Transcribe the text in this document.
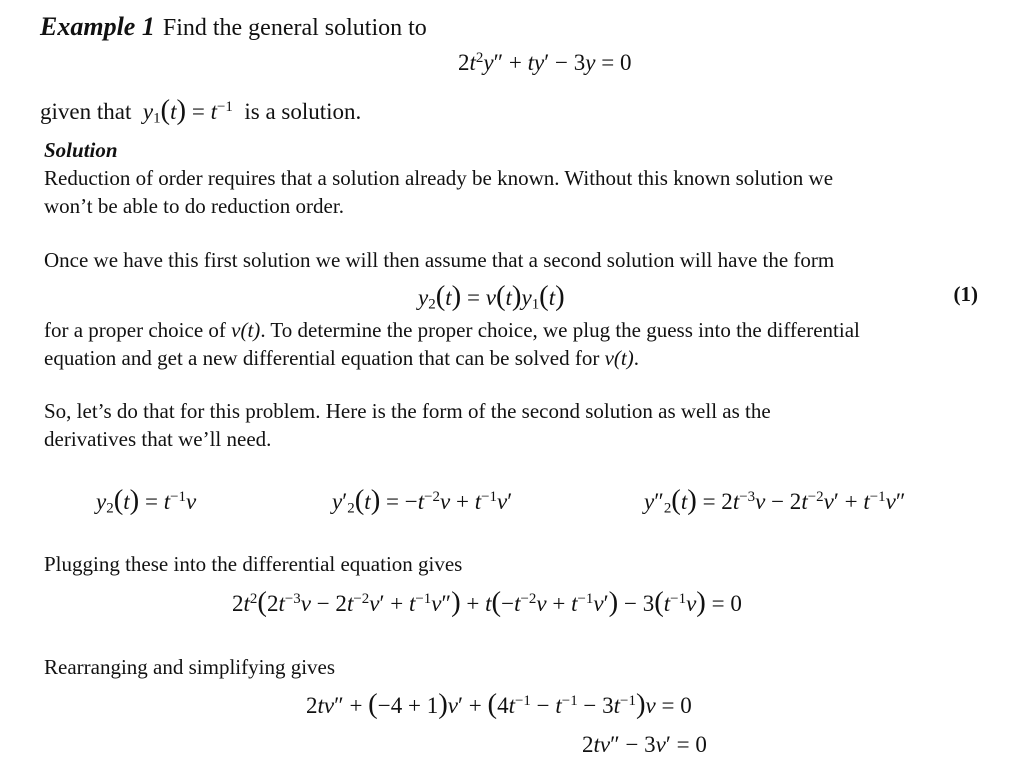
Example 1 Find the general solution to
$2t^2y'' + ty' - 3y = 0$
given that $y_1(t) = t^{-1}$ is a solution.
Solution
Reduction of order requires that a solution already be known. Without this known solution we
won’t be able to do reduction order.
Once we have this first solution we will then assume that a second solution will have the form
$y_2(t) = v(t)y_1(t)$	(1)
for a proper choice of v(t). To determine the proper choice, we plug the guess into the differential
equation and get a new differential equation that can be solved for v(t).
So, let’s do that for this problem. Here is the form of the second solution as well as the
derivatives that we’ll need.
$y_2(t) = t^{-1}v$	$y'_2(t) = -t^{-2}v + t^{-1}v'$	$y''_2(t) = 2t^{-3}v - 2t^{-2}v' + t^{-1}v''$
Plugging these into the differential equation gives
$2t^2(2t^{-3}v - 2t^{-2}v' + t^{-1}v'') + t(-t^{-2}v + t^{-1}v') - 3(t^{-1}v) = 0$
Rearranging and simplifying gives
$2tv'' + (-4 + 1)v' + (4t^{-1} - t^{-1} - 3t^{-1})v = 0$
2tv″ − 3v′ = 0
